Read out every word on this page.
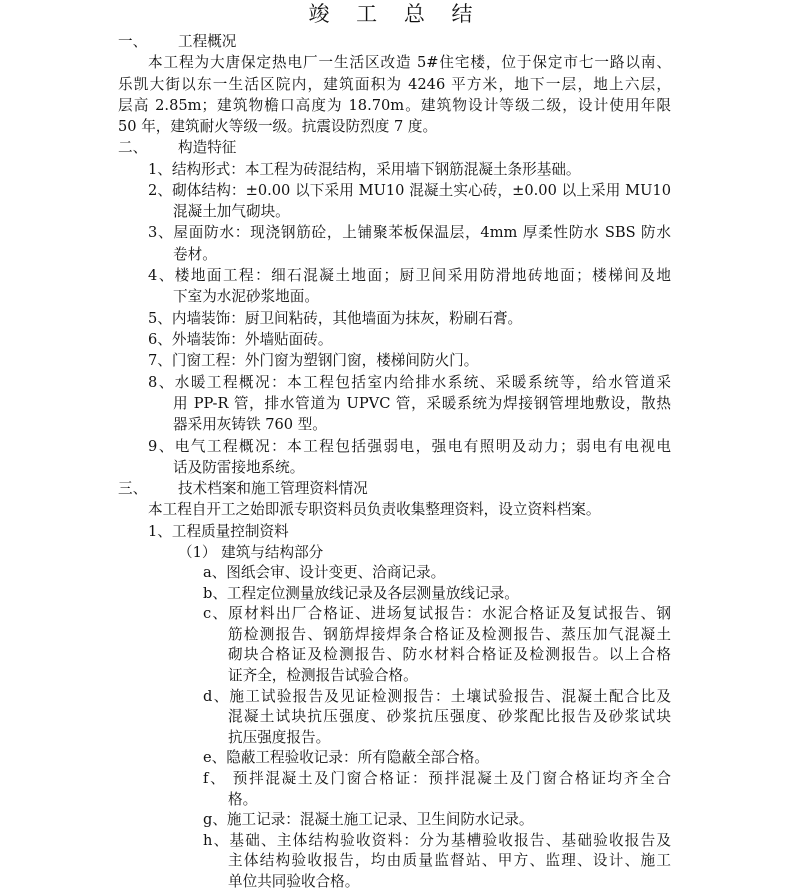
竣 工 总 结
一、 工程概况
本工程为大唐保定热电厂一生活区改造 5#住宅楼，位于保定市七一路以南、
乐凯大街以东一生活区院内，建筑面积为 4246 平方米，地下一层，地上六层，
层高 2.85m；建筑物檐口高度为 18.70m。建筑物设计等级二级，设计使用年限
50 年，建筑耐火等级一级。抗震设防烈度 7 度。
二、 构造特征
1、结构形式：本工程为砖混结构，采用墙下钢筋混凝土条形基础。
2、砌体结构：±0.00 以下采用 MU10 混凝土实心砖，±0.00 以上采用 MU10
混凝土加气砌块。
3、屋面防水：现浇钢筋砼，上铺聚苯板保温层，4mm 厚柔性防水 SBS 防水
卷材。
4、楼地面工程：细石混凝土地面；厨卫间采用防滑地砖地面；楼梯间及地
下室为水泥砂浆地面。
5、内墙装饰：厨卫间粘砖，其他墙面为抹灰，粉刷石膏。
6、外墙装饰：外墙贴面砖。
7、门窗工程：外门窗为塑钢门窗，楼梯间防火门。
8、水暖工程概况：本工程包括室内给排水系统、采暖系统等，给水管道采
用 PP-R 管，排水管道为 UPVC 管，采暖系统为焊接钢管埋地敷设，散热
器采用灰铸铁 760 型。
9、电气工程概况：本工程包括强弱电，强电有照明及动力；弱电有电视电
话及防雷接地系统。
三、 技术档案和施工管理资料情况
本工程自开工之始即派专职资料员负责收集整理资料，设立资料档案。
1、工程质量控制资料
（1） 建筑与结构部分
a、图纸会审、设计变更、洽商记录。
b、工程定位测量放线记录及各层测量放线记录。
c、原材料出厂合格证、进场复试报告：水泥合格证及复试报告、钢
筋检测报告、钢筋焊接焊条合格证及检测报告、蒸压加气混凝土
砌块合格证及检测报告、防水材料合格证及检测报告。以上合格
证齐全，检测报告试验合格。
d、施工试验报告及见证检测报告：土壤试验报告、混凝土配合比及
混凝土试块抗压强度、砂浆抗压强度、砂浆配比报告及砂浆试块
抗压强度报告。
e、隐蔽工程验收记录：所有隐蔽全部合格。
f、 预拌混凝土及门窗合格证：预拌混凝土及门窗合格证均齐全合
格。
g、施工记录：混凝土施工记录、卫生间防水记录。
h、基础、主体结构验收资料：分为基槽验收报告、基础验收报告及
主体结构验收报告，均由质量监督站、甲方、监理、设计、施工
单位共同验收合格。
